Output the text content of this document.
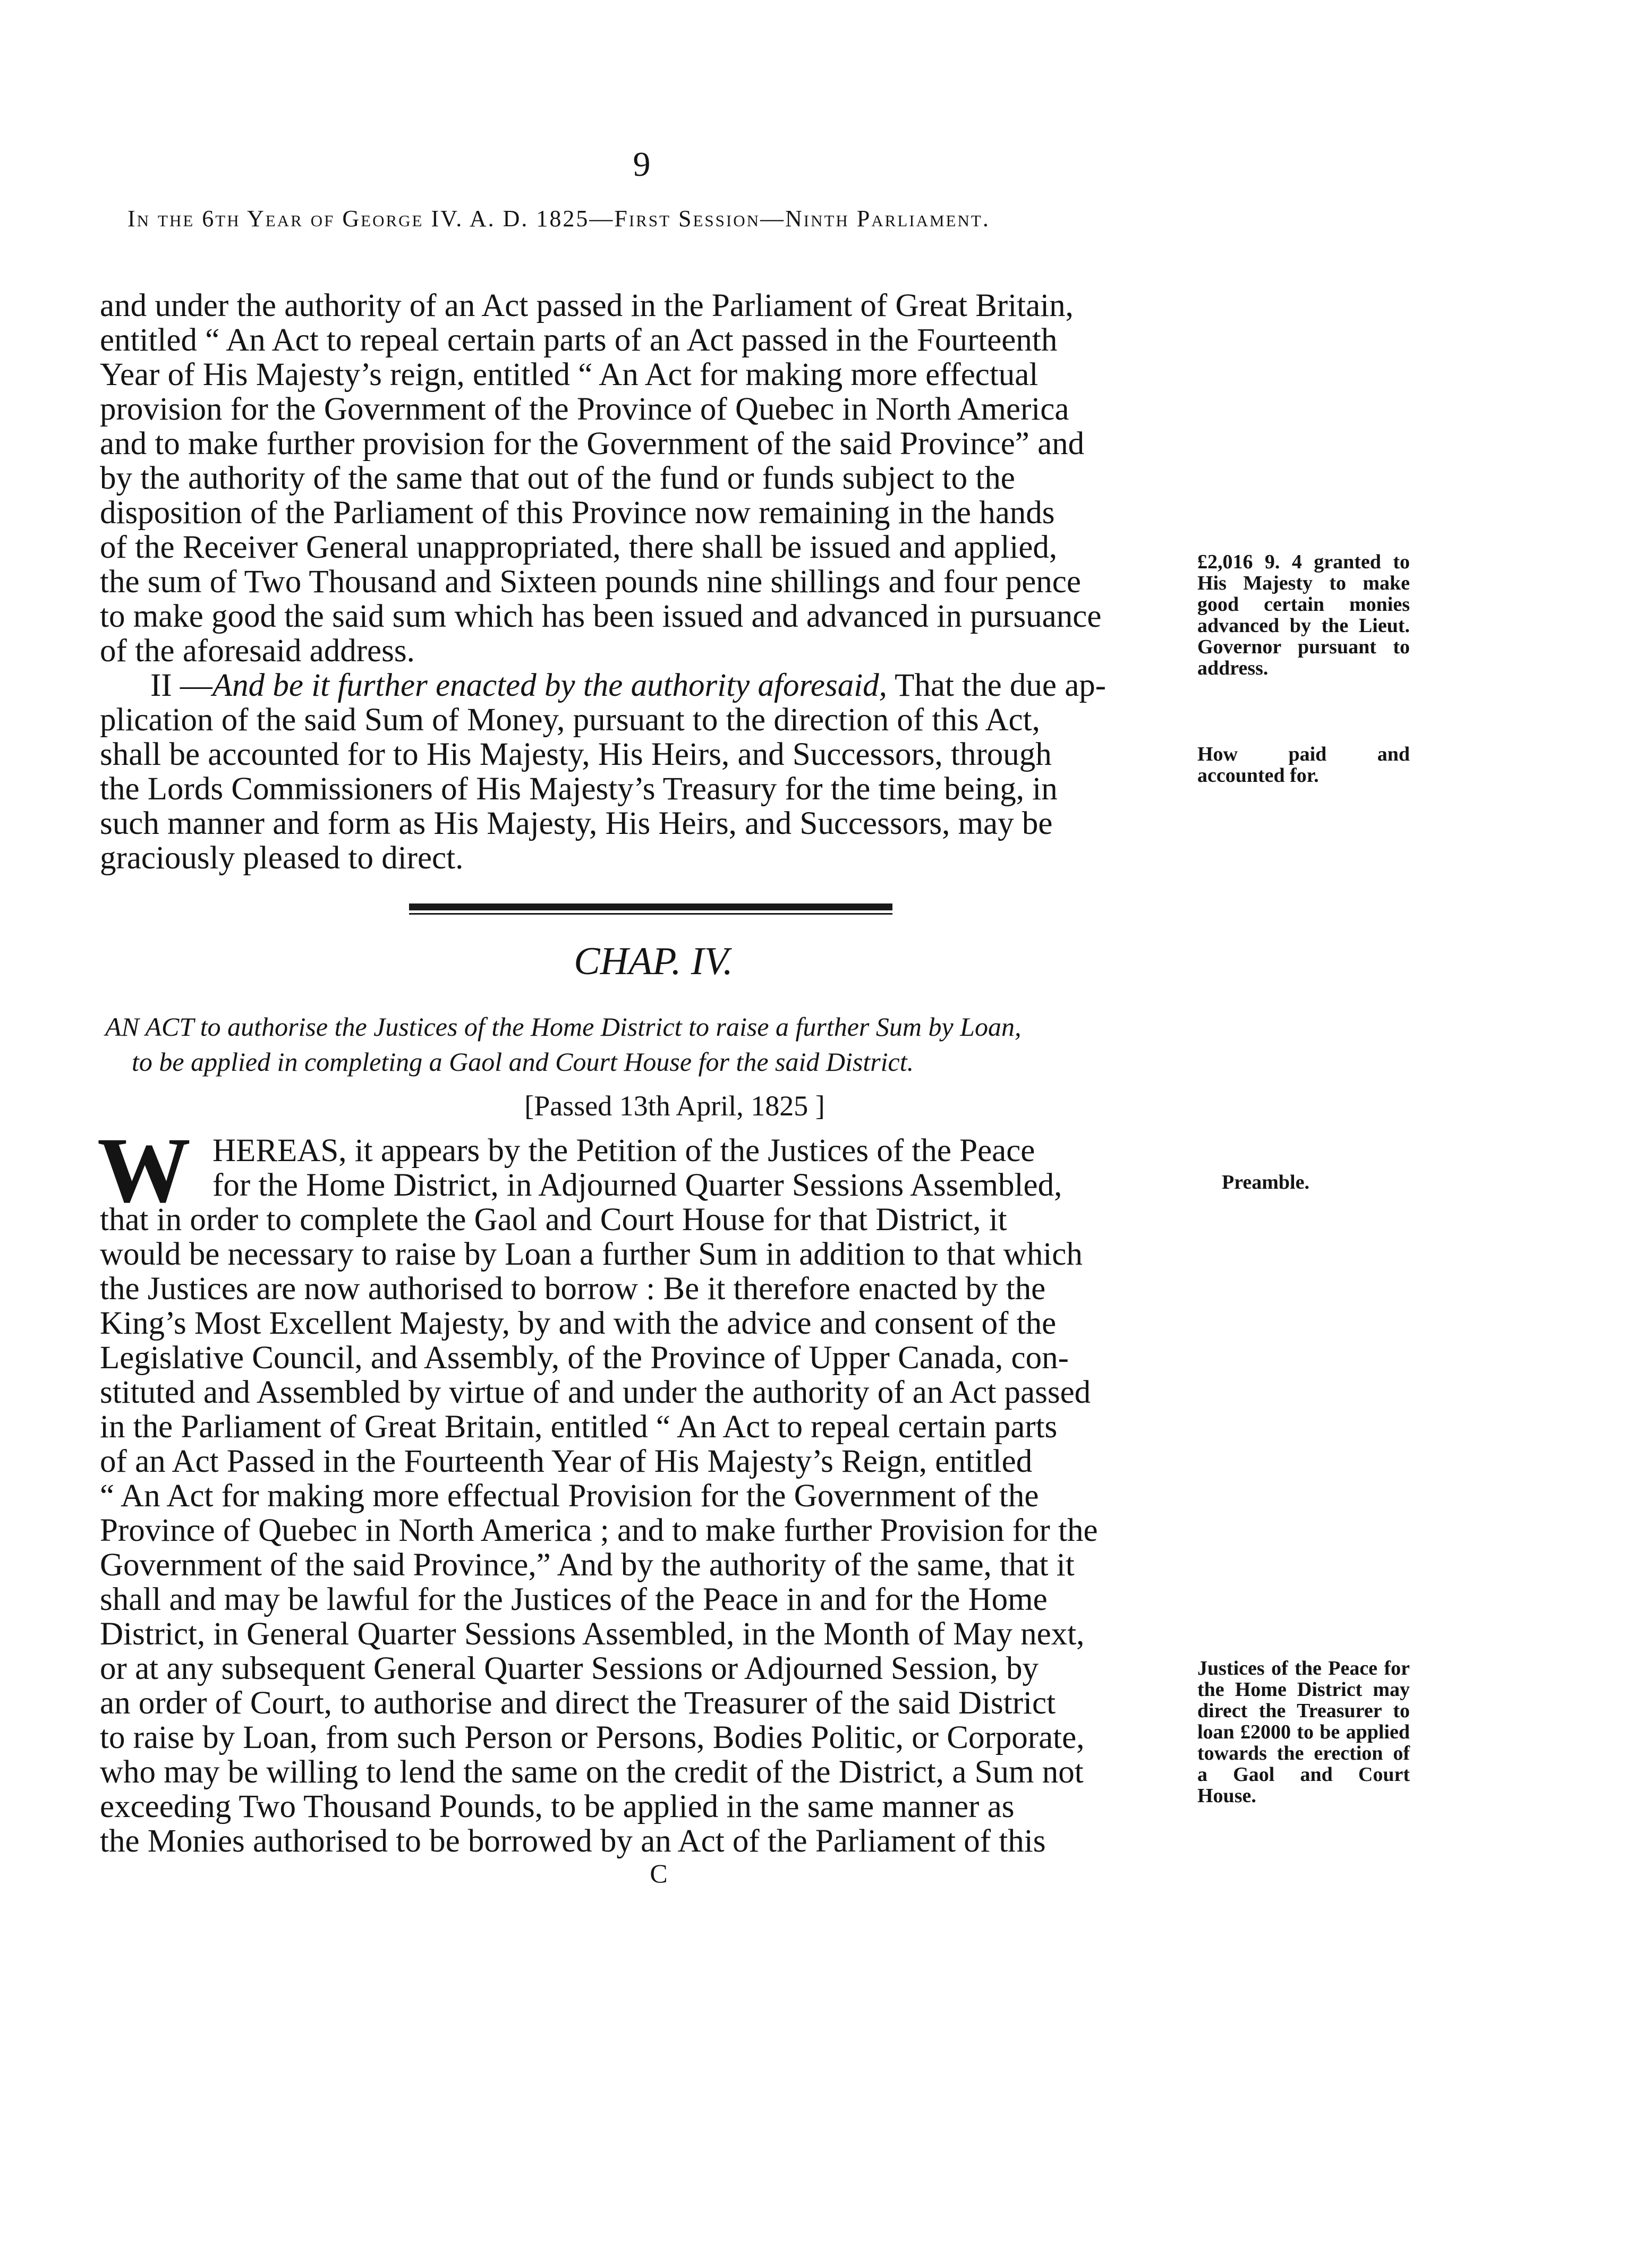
9
In the 6th Year of George IV. A. D. 1825—First Session—Ninth Parliament.

and under the authority of an Act passed in the Parliament of Great Britain,

entitled “ An Act to repeal certain parts of an Act passed in the Fourteenth

Year of His Majesty’s reign, entitled “ An Act for making more effectual

provision for the Government of the Province of Quebec in North America

and to make further provision for the Government of the said Province” and

by the authority of the same that out of the fund or funds subject to the

disposition of the Parliament of this Province now remaining in the hands

of the Receiver General unappropriated, there shall be issued and applied,

the sum of Two Thousand and Sixteen pounds nine shillings and four pence

to make good the said sum which has been issued and advanced in pursuance

of the aforesaid address.

II —And be it further enacted by the authority aforesaid, That the due ap-

plication of the said Sum of Money, pursuant to the direction of this Act,

shall be accounted for to His Majesty, His Heirs, and Successors, through

the Lords Commissioners of His Majesty’s Treasury for the time being, in

such manner and form as His Majesty, His Heirs, and Successors, may be

graciously pleased to direct.

CHAP. IV.
AN ACT to authorise the Justices of the Home District to raise a further Sum by Loan,
to be applied in completing a Gaol and Court House for the said District.
[Passed 13th April, 1825 ]
W HEREAS, it appears by the Petition of the Justices of the Peace

for the Home District, in Adjourned Quarter Sessions Assembled,

that in order to complete the Gaol and Court House for that District, it

would be necessary to raise by Loan a further Sum in addition to that which

the Justices are now authorised to borrow : Be it therefore enacted by the

King’s Most Excellent Majesty, by and with the advice and consent of the

Legislative Council, and Assembly, of the Province of Upper Canada, con-

stituted and Assembled by virtue of and under the authority of an Act passed

in the Parliament of Great Britain, entitled “ An Act to repeal certain parts

of an Act Passed in the Fourteenth Year of His Majesty’s Reign, entitled

“ An Act for making more effectual Provision for the Government of the

Province of Quebec in North America ; and to make further Provision for the

Government of the said Province,” And by the authority of the same, that it

shall and may be lawful for the Justices of the Peace in and for the Home

District, in General Quarter Sessions Assembled, in the Month of May next,

or at any subsequent General Quarter Sessions or Adjourned Session, by

an order of Court, to authorise and direct the Treasurer of the said District

to raise by Loan, from such Person or Persons, Bodies Politic, or Corporate,

who may be willing to lend the same on the credit of the District, a Sum not

exceeding Two Thousand Pounds, to be applied in the same manner as

the Monies authorised to be borrowed by an Act of the Parliament of this

£2,016 9. 4 granted to His Majesty to make good certain monies advanced by the Lieut. Governor pursuant to address.
How paid and accounted for.
Preamble.
Justices of the Peace for the Home District may direct the Treasurer to loan £2000 to be applied towards the erection of a Gaol and Court House.
C
